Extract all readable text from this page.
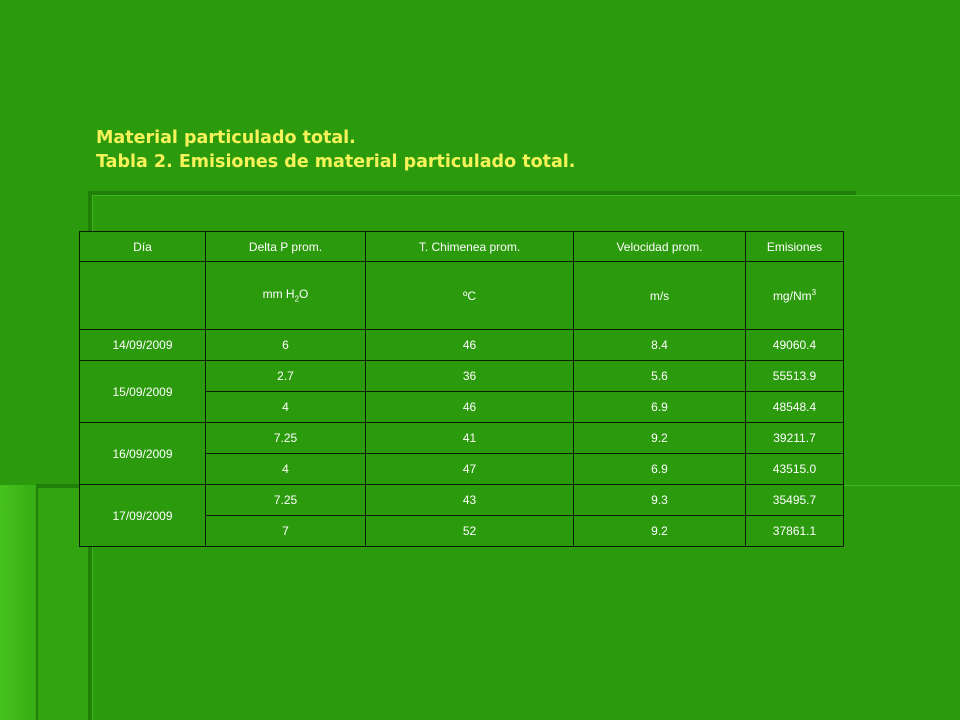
Material particulado total.
Tabla 2. Emisiones de material particulado total.
Día	Delta P prom.	T. Chimenea prom.	Velocidad prom.	Emisiones
	mm $H_2O$	ºC	m/s	mg/Nm$^3$
14/09/2009	6	46	8.4	49060.4
15/09/2009	2.7	36	5.6	55513.9
	4	46	6.9	48548.4
16/09/2009	7.25	41	9.2	39211.7
	4	47	6.9	43515.0
17/09/2009	7.25	43	9.3	35495.7
	7	52	9.2	37861.1
